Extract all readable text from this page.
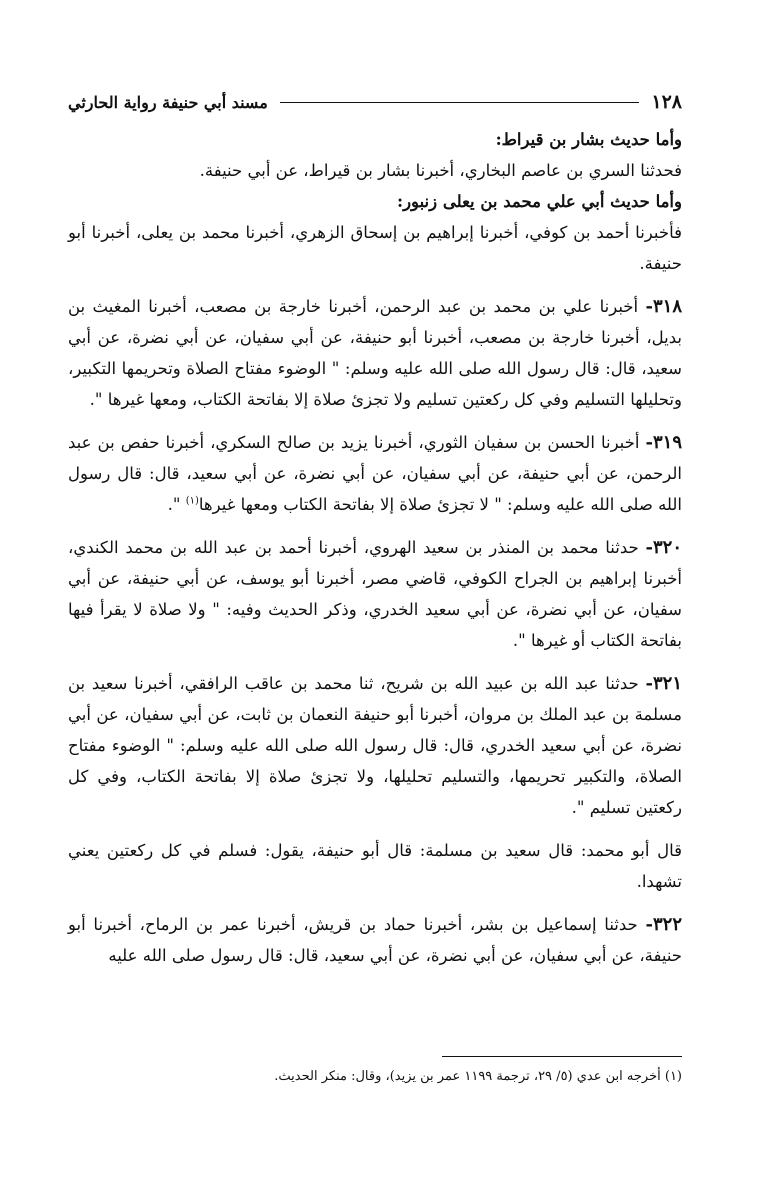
١٢٨
مسند أبي حنيفة رواية الحارثي

وأما حديث بشار بن قيراط:

فحدثنا السري بن عاصم البخاري، أخبرنا بشار بن قيراط، عن أبي حنيفة.

وأما حديث أبي علي محمد بن يعلى زنبور:

فأخبرنا أحمد بن كوفي، أخبرنا إبراهيم بن إسحاق الزهري، أخبرنا محمد بن يعلى، أخبرنا أبو حنيفة.

٣١٨- أخبرنا علي بن محمد بن عبد الرحمن، أخبرنا خارجة بن مصعب، أخبرنا المغيث بن بديل، أخبرنا خارجة بن مصعب، أخبرنا أبو حنيفة، عن أبي سفيان، عن أبي نضرة، عن أبي سعيد، قال: قال رسول الله صلى الله عليه وسلم: " الوضوء مفتاح الصلاة وتحريمها التكبير، وتحليلها التسليم وفي كل ركعتين تسليم ولا تجزئ صلاة إلا بفاتحة الكتاب، ومعها غيرها ".

٣١٩- أخبرنا الحسن بن سفيان الثوري، أخبرنا يزيد بن صالح السكري، أخبرنا حفص بن عبد الرحمن، عن أبي حنيفة، عن أبي سفيان، عن أبي نضرة، عن أبي سعيد، قال: قال رسول الله صلى الله عليه وسلم: " لا تجزئ صلاة إلا بفاتحة الكتاب ومعها غيرها$^{(١)}$ ".

٣٢٠- حدثنا محمد بن المنذر بن سعيد الهروي، أخبرنا أحمد بن عبد الله بن محمد الكندي، أخبرنا إبراهيم بن الجراح الكوفي، قاضي مصر، أخبرنا أبو يوسف، عن أبي حنيفة، عن أبي سفيان، عن أبي نضرة، عن أبي سعيد الخدري، وذكر الحديث وفيه: " ولا صلاة لا يقرأ فيها بفاتحة الكتاب أو غيرها ".

٣٢١- حدثنا عبد الله بن عبيد الله بن شريح، ثنا محمد بن عاقب الرافقي، أخبرنا سعيد بن مسلمة بن عبد الملك بن مروان، أخبرنا أبو حنيفة النعمان بن ثابت، عن أبي سفيان، عن أبي نضرة، عن أبي سعيد الخدري، قال: قال رسول الله صلى الله عليه وسلم: " الوضوء مفتاح الصلاة، والتكبير تحريمها، والتسليم تحليلها، ولا تجزئ صلاة إلا بفاتحة الكتاب، وفي كل ركعتين تسليم ".

قال أبو محمد: قال سعيد بن مسلمة: قال أبو حنيفة، يقول: فسلم في كل ركعتين يعني تشهدا.

٣٢٢- حدثنا إسماعيل بن بشر، أخبرنا حماد بن قريش، أخبرنا عمر بن الرماح، أخبرنا أبو حنيفة، عن أبي سفيان، عن أبي نضرة، عن أبي سعيد، قال: قال رسول صلى الله عليه

(١) أخرجه ابن عدي (٥/ ٢٩، ترجمة ١١٩٩ عمر بن يزيد)، وقال: منكر الحديث.
